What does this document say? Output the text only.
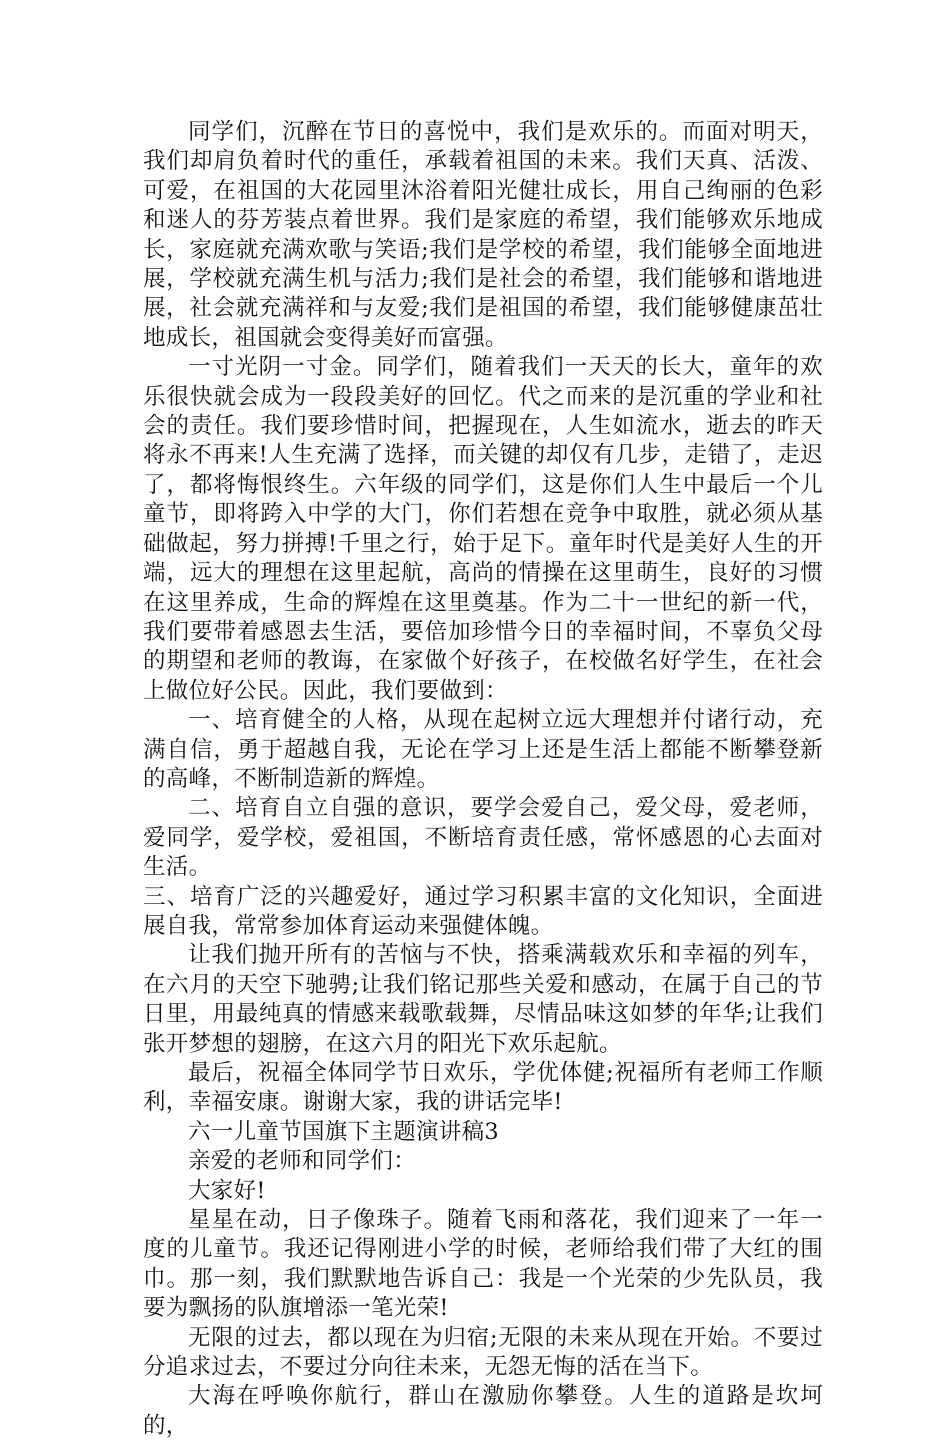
同学们，沉醉在节日的喜悦中，我们是欢乐的。而面对明天，我们却肩负着时代的重任，承载着祖国的未来。我们天真、活泼、可爱，在祖国的大花园里沐浴着阳光健壮成长，用自己绚丽的色彩和迷人的芬芳装点着世界。我们是家庭的希望，我们能够欢乐地成长，家庭就充满欢歌与笑语;我们是学校的希望，我们能够全面地进展，学校就充满生机与活力;我们是社会的希望，我们能够和谐地进展，社会就充满祥和与友爱;我们是祖国的希望，我们能够健康茁壮地成长，祖国就会变得美好而富强。

一寸光阴一寸金。同学们，随着我们一天天的长大，童年的欢乐很快就会成为一段段美好的回忆。代之而来的是沉重的学业和社会的责任。我们要珍惜时间，把握现在，人生如流水，逝去的昨天将永不再来!人生充满了选择，而关键的却仅有几步，走错了，走迟了，都将悔恨终生。六年级的同学们，这是你们人生中最后一个儿童节，即将跨入中学的大门，你们若想在竞争中取胜，就必须从基础做起，努力拼搏!千里之行，始于足下。童年时代是美好人生的开端，远大的理想在这里起航，高尚的情操在这里萌生，良好的习惯在这里养成，生命的辉煌在这里奠基。作为二十一世纪的新一代，我们要带着感恩去生活，要倍加珍惜今日的幸福时间，不辜负父母的期望和老师的教诲，在家做个好孩子，在校做名好学生，在社会上做位好公民。因此，我们要做到：

一、培育健全的人格，从现在起树立远大理想并付诸行动，充满自信，勇于超越自我，无论在学习上还是生活上都能不断攀登新的高峰，不断制造新的辉煌。

二、培育自立自强的意识，要学会爱自己，爱父母，爱老师，爱同学，爱学校，爱祖国，不断培育责任感，常怀感恩的心去面对生活。

三、培育广泛的兴趣爱好，通过学习积累丰富的文化知识，全面进展自我，常常参加体育运动来强健体魄。

让我们抛开所有的苦恼与不快，搭乘满载欢乐和幸福的列车，在六月的天空下驰骋;让我们铭记那些关爱和感动，在属于自己的节日里，用最纯真的情感来载歌载舞，尽情品味这如梦的年华;让我们张开梦想的翅膀，在这六月的阳光下欢乐起航。

最后，祝福全体同学节日欢乐，学优体健;祝福所有老师工作顺利，幸福安康。谢谢大家，我的讲话完毕!

六一儿童节国旗下主题演讲稿3

亲爱的老师和同学们：

大家好!

星星在动，日子像珠子。随着飞雨和落花，我们迎来了一年一度的儿童节。我还记得刚进小学的时候，老师给我们带了大红的围巾。那一刻，我们默默地告诉自己：我是一个光荣的少先队员，我要为飘扬的队旗增添一笔光荣!

无限的过去，都以现在为归宿;无限的未来从现在开始。不要过分追求过去，不要过分向往未来，无怨无悔的活在当下。

大海在呼唤你航行，群山在激励你攀登。人生的道路是坎坷的，
